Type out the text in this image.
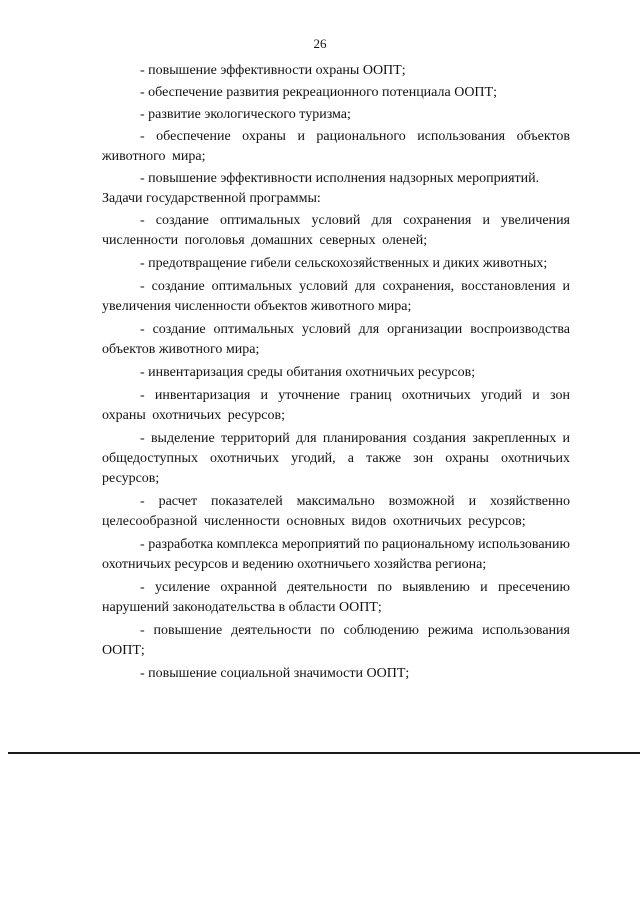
26

- повышение эффективности охраны ООПТ;

- обеспечение развития рекреационного потенциала ООПТ;

- развитие экологического туризма;

- обеспечение охраны и рационального использования объектов животного мира;

- повышение эффективности исполнения надзорных мероприятий.

Задачи государственной программы:

- создание оптимальных условий для сохранения и увеличения численности поголовья домашних северных оленей;

- предотвращение гибели сельскохозяйственных и диких животных;

- создание оптимальных условий для сохранения, восстановления и увеличения численности объектов животного мира;

- создание оптимальных условий для организации воспроизводства объектов животного мира;

- инвентаризация среды обитания охотничьих ресурсов;

- инвентаризация и уточнение границ охотничьих угодий и зон охраны охотничьих ресурсов;

- выделение территорий для планирования создания закрепленных и общедоступных охотничьих угодий, а также зон охраны охотничьих ресурсов;

- расчет показателей максимально возможной и хозяйственно целесообразной численности основных видов охотничьих ресурсов;

- разработка комплекса мероприятий по рациональному использованию охотничьих ресурсов и ведению охотничьего хозяйства региона;

- усиление охранной деятельности по выявлению и пресечению нарушений законодательства в области ООПТ;

- повышение деятельности по соблюдению режима использования ООПТ;

- повышение социальной значимости ООПТ;
